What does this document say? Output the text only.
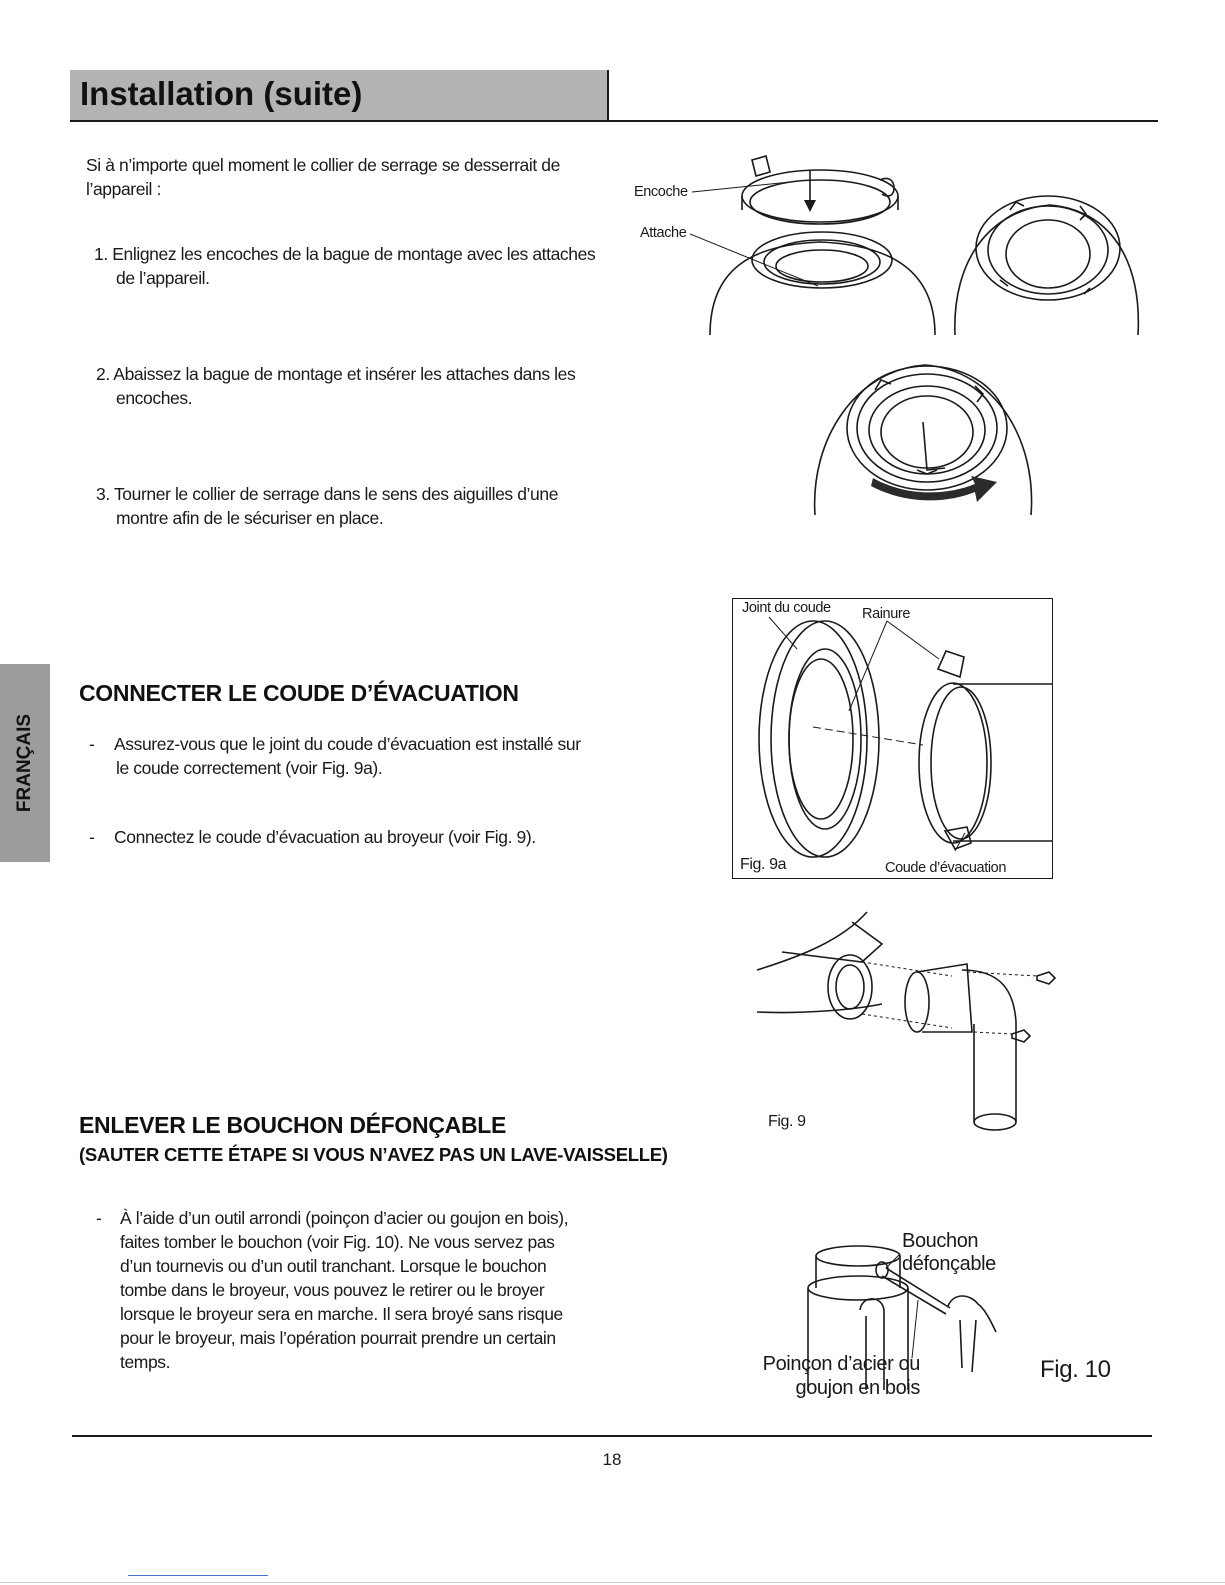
Installation (suite)
FRANÇAIS
Si à n’importe quel moment le collier de serrage se desserrait de
l’appareil :
1. Enlignez les encoches de la bague de montage avec les attaches
de l’appareil.
2. Abaissez la bague de montage et insérer les attaches dans les
encoches.
3. Tourner le collier de serrage dans le sens des aiguilles d’une
montre afin de le sécuriser en place.
CONNECTER LE COUDE D’ÉVACUATION
- Assurez-vous que le joint du coude d’évacuation est installé sur
le coude correctement (voir Fig. 9a).
- Connectez le coude d’évacuation au broyeur (voir Fig. 9).
ENLEVER LE BOUCHON DÉFONÇABLE
(SAUTER CETTE ÉTAPE SI VOUS N’AVEZ PAS UN LAVE-VAISSELLE)
- À l’aide d’un outil arrondi (poinçon d’acier ou goujon en bois),
faites tomber le bouchon (voir Fig. 10). Ne vous servez pas
d’un tournevis ou d’un outil tranchant. Lorsque le bouchon
tombe dans le broyeur, vous pouvez le retirer ou le broyer
lorsque le broyeur sera en marche. Il sera broyé sans risque
pour le broyeur, mais l’opération pourrait prendre un certain
temps.
Encoche
Attache
Joint du coude Rainure
Fig. 9a	Coude d’évacuation
Fig. 9
Bouchon
défonçable
Poinçon d’acier ou
goujon en bois
Fig. 10
18
